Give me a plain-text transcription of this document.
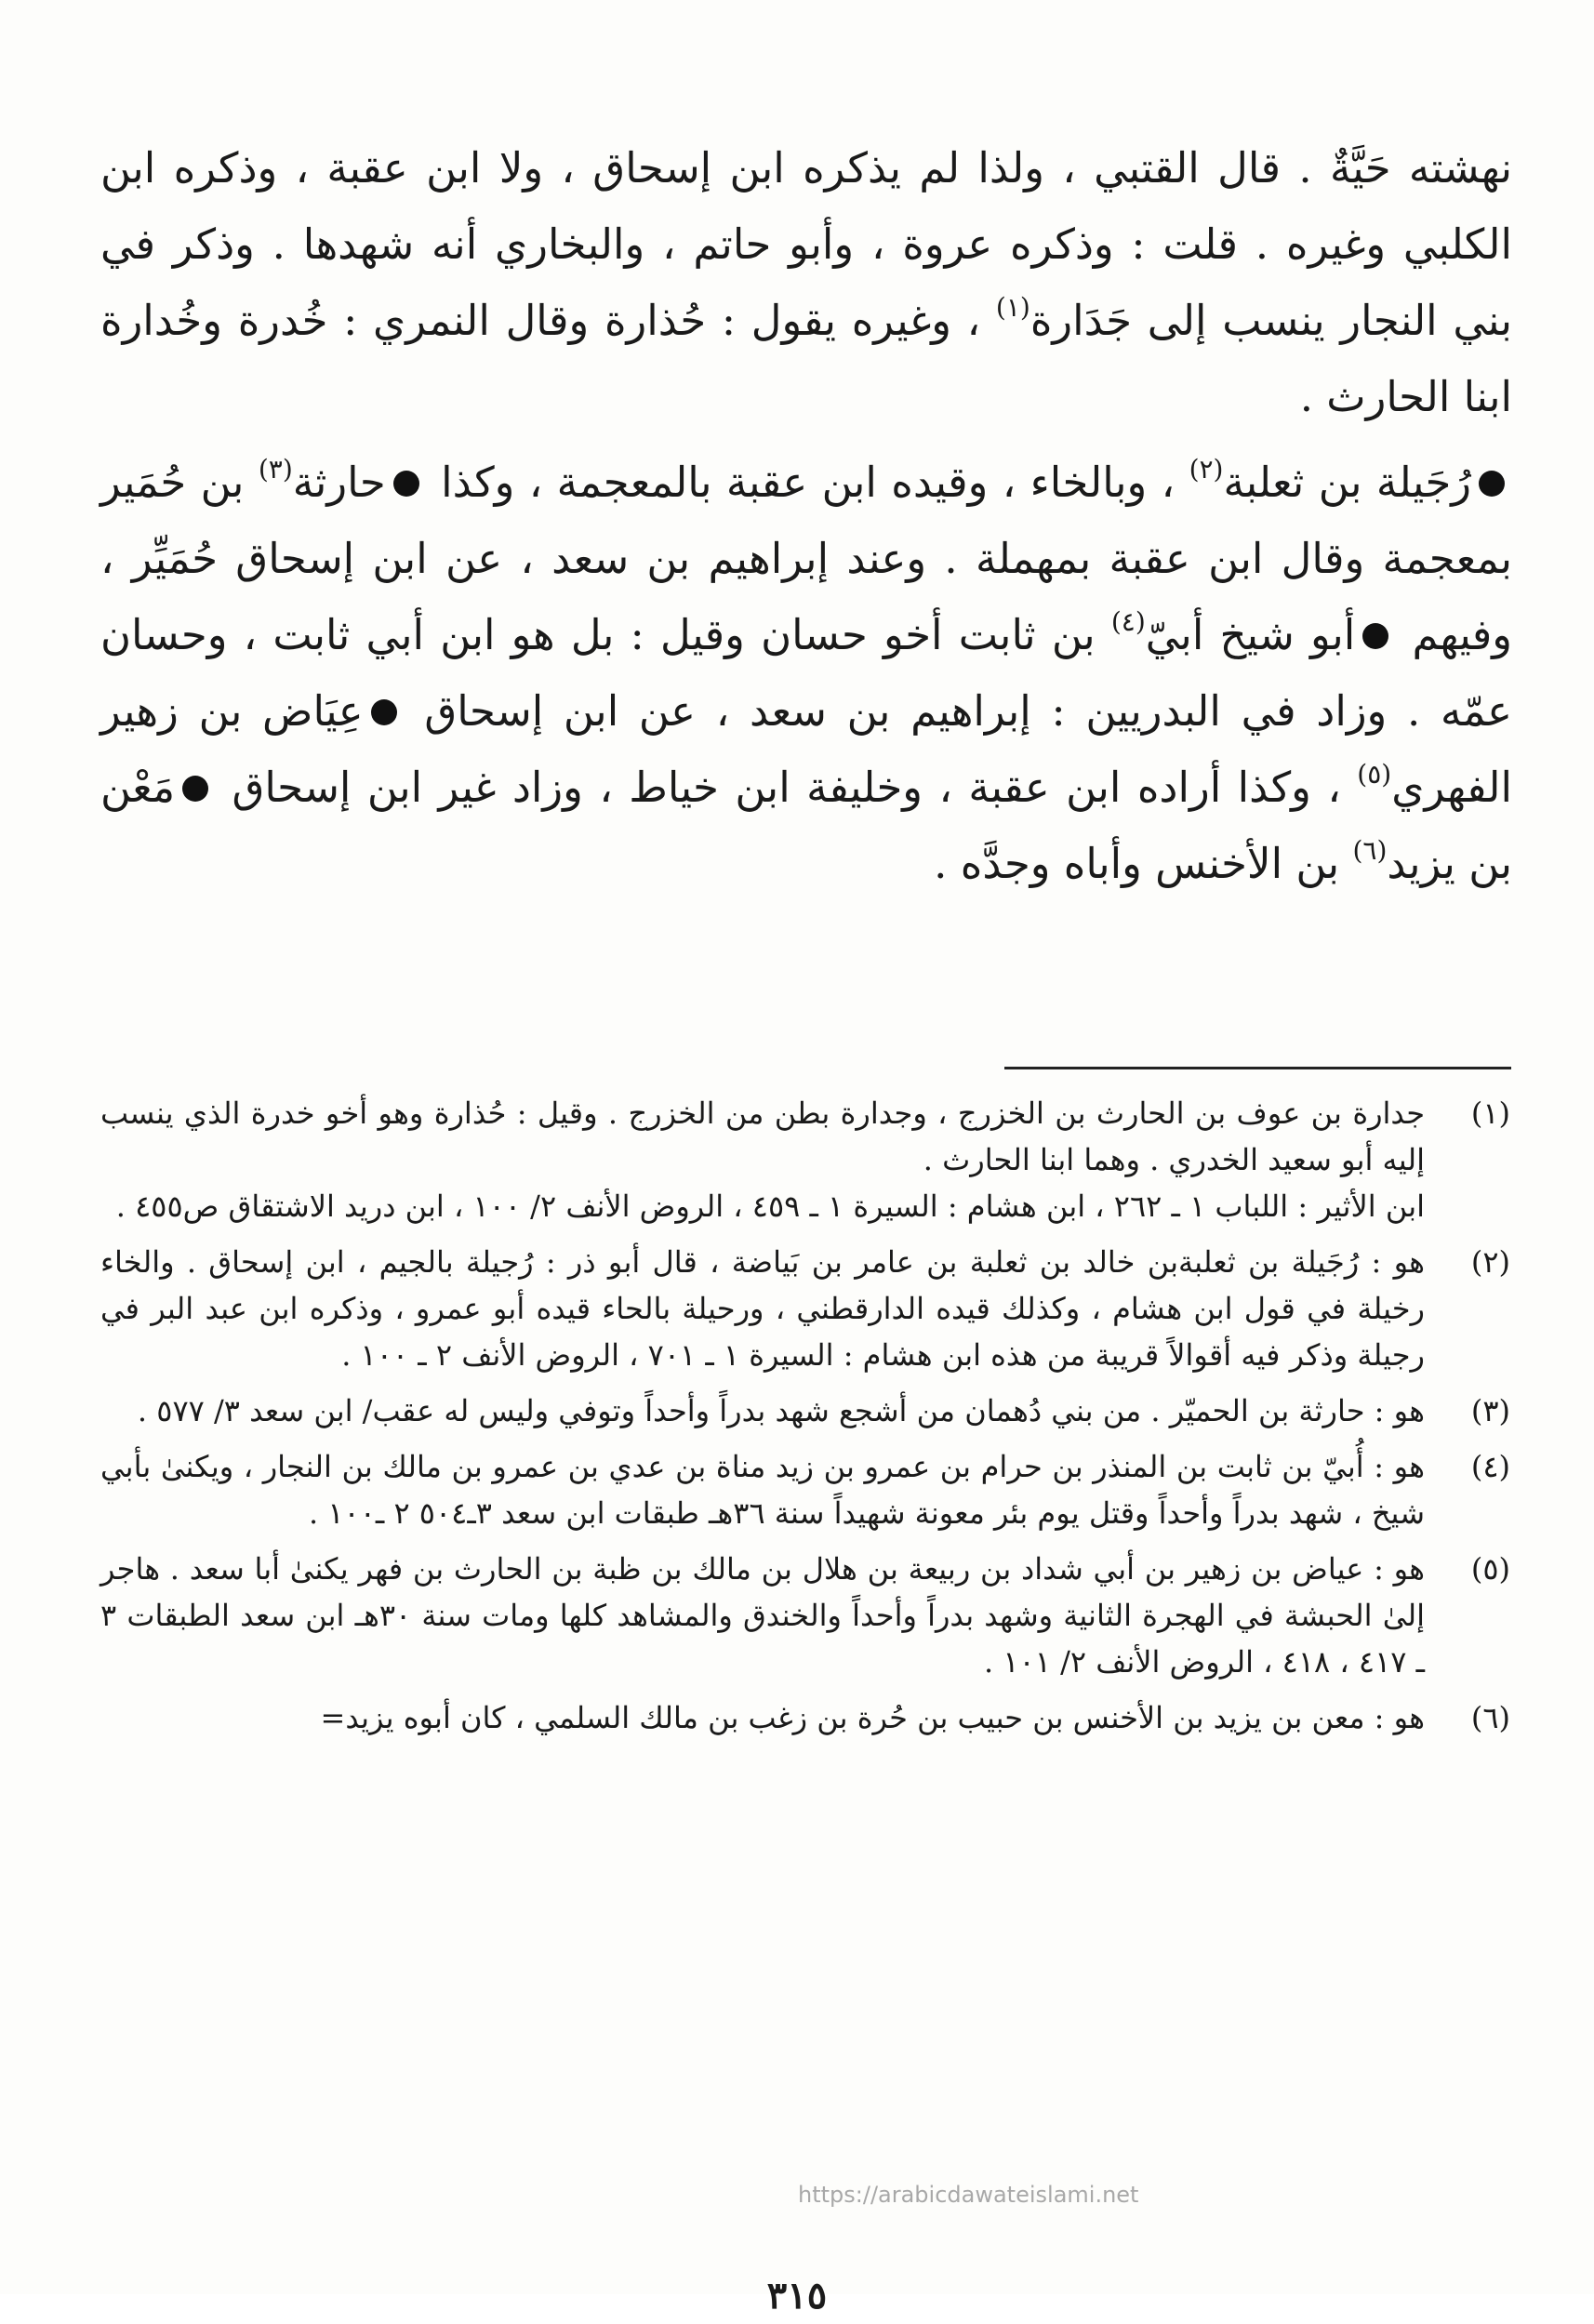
نهشته حَيَّةٌ . قال القتبي ، ولذا لم يذكره ابن إسحاق ، ولا ابن عقبة ، وذكره ابن الكلبي وغيره . قلت : وذكره عروة ، وأبو حاتم ، والبخاري أنه شهدها . وذكر في بني النجار ينسب إلى جَدَارة$^{(١)}$ ، وغيره يقول : حُذارة وقال النمري : خُدرة وخُدارة ابنا الحارث .

رُجَيلة بن ثعلبة$^{(٢)}$ ، وبالخاء ، وقيده ابن عقبة بالمعجمة ، وكذا حارثة$^{(٣)}$ بن حُمَير بمعجمة وقال ابن عقبة بمهملة . وعند إبراهيم بن سعد ، عن ابن إسحاق حُمَيِّر ، وفيهم أبو شيخ أبيّ$^{(٤)}$ بن ثابت أخو حسان وقيل : بل هو ابن أبي ثابت ، وحسان عمّه . وزاد في البدريين : إبراهيم بن سعد ، عن ابن إسحاق عِيَاض بن زهير الفهري$^{(٥)}$ ، وكذا أراده ابن عقبة ، وخليفة ابن خياط ، وزاد غير ابن إسحاق مَعْن بن يزيد$^{(٦)}$ بن الأخنس وأباه وجدَّه .

(١)

جدارة بن عوف بن الحارث بن الخزرج ، وجدارة بطن من الخزرج . وقيل : حُذارة وهو أخو خدرة الذي ينسب إليه أبو سعيد الخدري . وهما ابنا الحارث .

ابن الأثير : اللباب ١ ـ ٢٦٢ ، ابن هشام : السيرة ١ ـ ٤٥٩ ، الروض الأنف ٢/ ١٠٠ ، ابن دريد الاشتقاق ص٤٥٥ .

(٢)

هو : رُجَيلة بن ثعلبةبن خالد بن ثعلبة بن عامر بن بَياضة ، قال أبو ذر : رُجيلة بالجيم ، ابن إسحاق . والخاء رخيلة في قول ابن هشام ، وكذلك قيده الدارقطني ، ورحيلة بالحاء قيده أبو عمرو ، وذكره ابن عبد البر في رجيلة وذكر فيه أقوالاً قريبة من هذه ابن هشام : السيرة ١ ـ ٧٠١ ، الروض الأنف ٢ ـ ١٠٠ .

(٣)

هو : حارثة بن الحميّر . من بني دُهمان من أشجع شهد بدراً وأحداً وتوفي وليس له عقب/ ابن سعد ٣/ ٥٧٧ .

(٤)

هو : أُبيّ بن ثابت بن المنذر بن حرام بن عمرو بن زيد مناة بن عدي بن عمرو بن مالك بن النجار ، ويكنىٰ بأبي شيخ ، شهد بدراً وأحداً وقتل يوم بئر معونة شهيداً سنة ٣٦هـ طبقات ابن سعد ٣ـ٥٠٤ ٢ ـ١٠٠ .

(٥)

هو : عياض بن زهير بن أبي شداد بن ربيعة بن هلال بن مالك بن ظبة بن الحارث بن فهر يكنىٰ أبا سعد . هاجر إلىٰ الحبشة في الهجرة الثانية وشهد بدراً وأحداً والخندق والمشاهد كلها ومات سنة ٣٠هـ ابن سعد الطبقات ٣ ـ ٤١٧ ، ٤١٨ ، الروض الأنف ٢/ ١٠١ .

(٦)

هو : معن بن يزيد بن الأخنس بن حبيب بن حُرة بن زغب بن مالك السلمي ، كان أبوه يزيد=

https://arabicdawateislami.net
٣١٥
